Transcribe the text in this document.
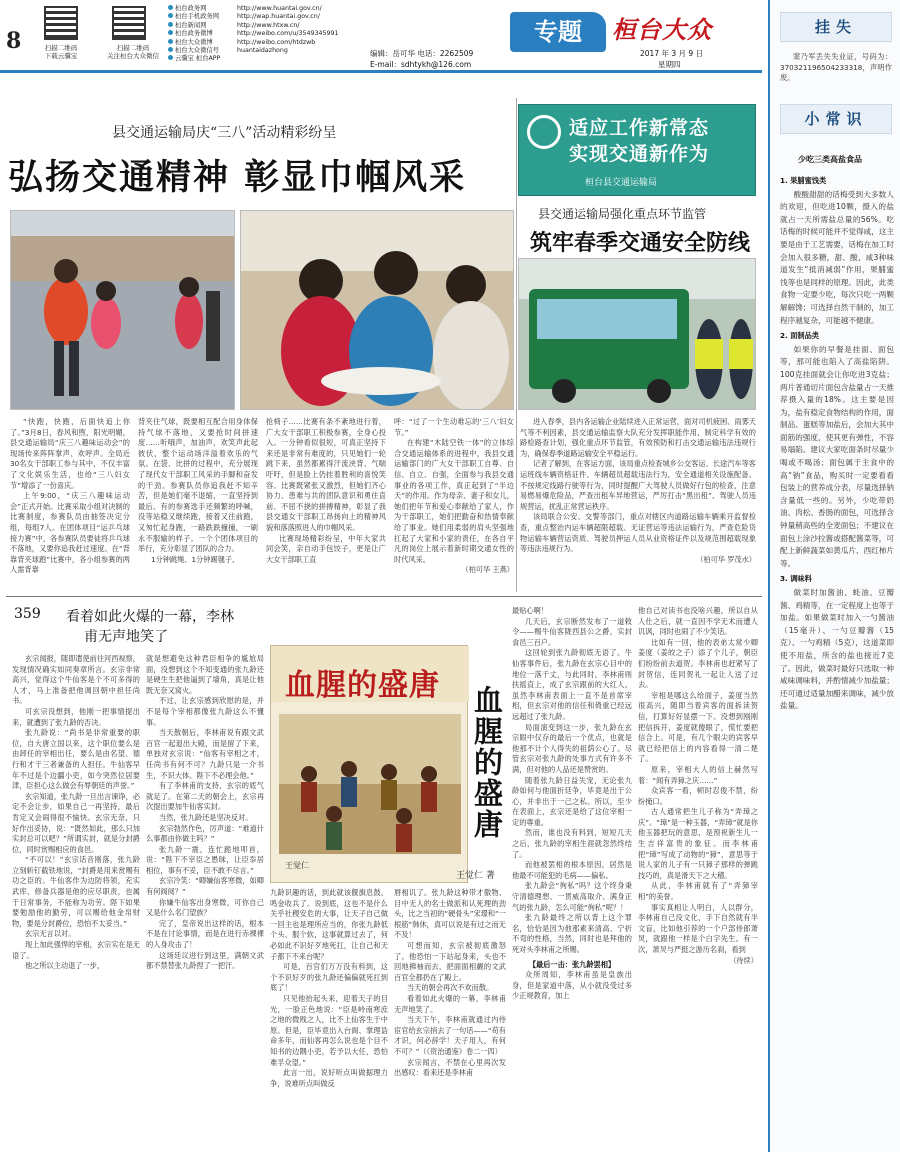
8	扫描二维码
下载云骥宝
扫描二维码
关注桓台大众微信
桓台政务网	http://www.huantai.gov.cn/
桓台手机政务网	http://wap.huantai.gov.cn/
桓台新闻网	http://www.htxw.cn/
桓台政务微博	http://weibo.com/u/3549345991
桓台大众微博	http://weibo.com/htdzwb
桓台大众微信号	huantaidazhong
云骥宝 桓台APP
编辑：岳可华 电话：2262509
E-mail：sdhtykh@126.com
专题	桓台大众
2017 年 3 月 9 日
星期四
县交通运输局庆“三八”活动精彩纷呈
弘扬交通精神 彰显巾帼风采
适应工作新常态
实现交通新作为
桓台县交通运输局
县交通运输局强化重点环节监管
筑牢春季交通安全防线

“快跑，快跑，后面快追上你了。”3月8日，春风和煦，阳光明媚，县交通运输局“庆三八趣味运动会”的现场传来阵阵掌声、欢呼声。全局近30名女干部职工参与其中，不仅丰富了文化娱乐生活，也给“三八妇女节”增添了一份喜庆。

上午9:00，“庆三八趣味运动会”正式开始。比赛采取小组对决制的比赛制度，参赛队员由抽签决定分组，每组7人。在团体项目“运乒乓球接力赛”中，各参赛队员要徒将乒乓球不落地，又要你追我赶过速度。在“背靠背夹球跑”比赛中，各小组参赛的两人需背靠

背夹住气球，既要相互配合用身体保持气球不落地，又要抢时间拼速度……听哦声，加油声，欢笑声此起彼伏，整个运动场洋溢着欢乐的气氛。在袋、比拼的过程中，充分展现了现代女干部职工风采的手脚和奋发的干劲。参赛队员你追我赶不知辛苦，但是她们毫不退缩，一直坚持到最后。有的参赛选手还频繁的呼喊，没等站稳又继续跑，接着又往前跑，又匆忙起身跑，一路跌跌撞撞，一刷永不服输的样子。一个个团体项目的举行，充分彰显了团队的合力。

1分钟跳绳、1分钟踢毽子、

抢椅子……比赛有条不紊地进行着，广大女干部职工积极参赛，全身心投入。一分钟看似很短，可真正坚持下来还是非常有难度的，只见她们一轮跳下来，虽然都累得汗流浃背、气喘吁吁，但是脸上仍挂着胜利的喜悦笑容。比赛既紧张又激烈，但她们齐心协力、患难与共的团队意识和勇往直前、不屈不挠的拼搏精神，彰显了我县交通女干部职工昂扬向上的精神风貌和落落照进人的巾帼风采。

比赛现场精彩纷呈，中年大家共同会笑，亲自动手包饺子，更是让广大女干部职工直

呼：“过了一个生动难忘的‘三八’妇女节。”

在构建“木陆空铁一体”的立体综合交通运输体系的进程中，我县交通运输部门的广大女干部职工自尊、自信、自立、自强，全面参与我县交通事业的各项工作，真正起到了“半边天”的作用。作为母亲、妻子和女儿，她们把年节和爱心奉献给了家人，作为干部职工，她们把勤奋和热情奉献给了事业。她们用柔弱的肩头坚强地扛起了大家和小家的责任，在各自平凡的岗位上展示着新时期交通女性的时代风采。

（柏可华 王燕）

进入春季，县内各运输企业陆续进入正常运营，面对司机疲困、雨雾天气等不利因素，县交通运输监察大队充分发挥职能作用，制定科学有效的路检路查计划，强化重点环节监管，有效预防和打击交通运输违法违规行为，确保春季道路运输安全平稳运行。

记者了解到，在客运方面，该局重点检查城乡公交客运、长途汽车等客运班线车辆资格证件、车辆超员超载违法行为，安全通道相关设施配备、不按规定线路行驶等行为，同时提醒广大驾驶人员做好行包的检查，注意易燃易爆危险品，严查出租车异地营运，严厉打击“黑出租”、驾驶人员违规营运，扰乱正常营运秩序。

该局联合公安、交警等部门，重点对辖区内道路运输车辆乘开监督检查，重点整治内运车辆超限超载、无证营运等违法运输行为，严查危险货物运输车辆营运资质、驾驶员押运人员从业资格证件以及规范围超载现象等违法违规行为。

（柏可华 罗茂水）

359 看着如此火爆的一幕，李林
甫无声地笑了
血腥的盛唐
王觉仁
血腥的盛唐
王觉仁 著

玄宗闻报，随即遣使前往河西视察，发现情况确实如同奏章所言。玄宗非常高兴，觉得这个牛仙客是个不可多得的人才，马上准备把他调回朝中担任尚书。

可玄宗没想到，他刚一把事情提出来，就遭到了张九龄的否决。

张九龄说：“尚书是非常重要的职位，自大唐立国以来，这个职位要么是由卸任的宰相出任，要么是由名望、德行和才干三者兼备的人担任。牛仙客早年不过是个边疆小吏，如今突然位居要津，臣担心这么做会有辱朝廷的声誉。”

玄宗知道，张九龄一旦出言谏诤，必定不会让步，如果自己一再坚持，最后肯定又会闹得很不愉快。玄宗无奈，只好作出妥协，说：“既然如此，那么只加实封总可以吧？”所谓实封，就是分封爵位，同时赏赐相应的食邑。

“不可以！”玄宗话音刚落，张九龄立刻斩钉截铁地说，“封爵是用来赏赐有功之臣的。牛仙客作为边防将领，充实武库、修备兵器是他的应尽职责，也属于日常事务，不能称为功劳。陛下如果要勉励他的勤劳，可以赐给他金帛财物，要是分封爵位，恐怕不太妥当。”

玄宗无言以对。

现上加此强悍的宰相，玄宗实在是无语了。

他之所以主动退了一步，

就是想避免这种君臣相争的尴尬局面，没想到这个不知变通的张九龄还是硬生生把他逼到了墙角，真是让他既无奈又窝火。

不过，让玄宗感到欣慰的是，并不是每个宰相都像张九龄这么不懂事。

当天散朝后，李林甫说有跟文武百官一起退出大殿，而是留了下来，单独对玄宗说：“仙客有宰相之才，任尚书有何不可？九龄只是一介书生，不识大体。陛下不必理会他。”

有了李林甫的支持，玄宗的底气就足了。在第二天的朝会上，玄宗再次提出要加牛仙客实封。

当然，张九龄还是坚决反对。

玄宗勃然作色，厉声道：“难道什么事都由你做主吗？”

张九龄一震，连忙跪地叩首，说：“陛下不宰臣之愚昧，让臣忝居相位，事有不妥，臣不敢不尽言。”

玄宗冷笑：“卿嫌仙客寒微，如卿有何阀阅？”

你嫌牛仙客出身寒微，可你自己又是什么名门望族？

完了，皇帝说出这样的话，根本不是在讨论事情，而是在进行赤裸裸的人身攻击了！

这场廷议进行到这里，满朝文武都不禁替张九龄捏了一把汗。

九龄识趣的话，到此就该偃旗息鼓、鸣金收兵了。说到底，这也不是什么关乎社稷安危的大事，让天子自己做一回主也是理所应当的，你张九龄低个头、服个软，这事就算过去了，何必如此不识好歹地死扛，让自己和天子都下不来台呢？

可是，百官们万万没有料到，这个不识好歹的张九龄还偏偏就死扛到底了！

只见他抬起头来，迎着天子的目光，一脸正色地说：“臣是岭南寒庶之地的微贱之人，比不上仙客生于中原。但是，臣毕竟出入台阁、掌理诰命多年，而仙客再怎么说也是个目不知书的边隅小吏，若予以大任，恐怕难孚众望。”

此言一出，说好听点叫做据理力争，说难听点叫做反

唇相讥了。张九龄这种带才傲物、目中无人的名士做派和认死理的劲头，比之当初的“硬骨头”宋璟和“一根筋”韩休，真可以说是有过之而无不及！

可想而知，玄宗被彻底激怒了。他恐怕一下站起身来，头也不回地拂袖而去，把面面相觑的文武百官全都扔在了殿上。

当天的朝会再次不欢而散。

看着如此火爆的一幕，李林甫无声地笑了。

当天下午，李林甫就通过内侍宦官给玄宗捎去了一句话——“苟有才识，何必辞学！天子用人，有何不可？”（《资治通鉴》卷二一四）

玄宗闻言，不禁在心里再次发出感叹：看来还是李林甫

最贴心啊！

几天后，玄宗断然发布了一道敕令——赐牛仙客陇西县公之爵，实封食邑三百户。

这回轮到张九龄彻底无语了。牛仙客事件后，张九龄在玄宗心目中的地位一落千丈，与此同时，李林甫则扶摇直上，成了玄宗跟前的大红人。虽然李林甫表面上一直不是首席宰相，但玄宗对他的信任和倚重已经远远超过了张九龄。

局面演变到这一步，张九龄在玄宗眼中仅存的最后一个优点，也就是他那不计个人得失的祖荫公心了。尽管玄宗对张九龄的处事方式有许多不满，但对他的人品还是赞赏的。

随着张九龄日益失宠，无论张九龄如何与他面折廷争，毕竟是出于公心，并非出于一己之私。所以，至少在表面上，玄宗还是给了这位宰相一定的尊重。

然而，谁也没有料到，短短几天之后，张九龄的宰相生涯就忽然终结了。

而他被罢相的根本原因，居然是他最不可能犯的毛病——偏私。

张九龄会“徇私”吗？这个终身秉守清德理想、一贯威高取介、满身正气的张九龄，怎么可能“徇私”呢？！

张九龄最终之所以背上这个罪名，恰恰是因为他那素来清高、宁折不弯的性格，当然，同时也是拜他的死对头李林甫之所赐。

【最后一击：张九龄罢相】

众所周知，李林甫虽是皇族出身，但是家道中落，从小就没受过多少正规教育，加上

他自己对读书也没啥兴趣，所以自从人仕之后，就一直因不学无术而遭人讥讽，同时也闹了不少笑话。

比如有一回，他的表弟太常少卿姜度（姜皎之子）添了个儿子，朝臣们纷纷前去道贺。李林甫也赶紧写了封贺信，连同贺礼一起让人送了过去。

宰相是哪这么给面子，姜度当然很高兴，随即当着宾客的面拆读贺信，打算好好显摆一下。没想到刚刚把信拆开，姜度就傻眼了，慌忙要把信合上。可是，有几个眼尖的宾客早就已经把信上的内容看得一清二楚了。

原来，宰相大人的信上赫然写着：“闻有弄獐之庆……”

众宾客一看，顿时忍俊不禁，纷纷掩口。

古人通常把生儿子称为“弄璋之庆”。“璋”是一种玉器，“弄璋”就是你他玉器把玩的意思，是预祝新生儿一生吉祥富贵的象征。而李林甫把“璋”写成了动物的“獐”，意思等于说人家的儿子有一只獐子那样的弹跳技巧的，真是滑天下之大稽。

从此，李林甫就有了“弄獐宰相”的美誉。

事实真相让人明白，人以群分，李林甫自己没文化，手下自然就有半文盲，比如他引荐的一个户部侍郎萧炅，就跟他一样是个白字先生。有一次，萧炅与严挺之游历名刹，看到

（待续）

挂失
窦乃军丢失失业证，号码为：370321196504233318，声明作废。
小常识
少吃三类高盐食品
1. 果脯蜜饯类
酸酸甜甜的话梅受到大多数人的欢迎，但吃进10颗，摄入的盐就占一天所需盐总量的56%。吃话梅的时候可能并不觉得咸，这主要是由于工艺需要，话梅在加工时会加入很多糖，甜、酸、咸3种味道发生“抵消减弱”作用，果脯蜜饯等也是同样的原理。因此，此类食物一定要少吃，每次只吃一两颗解解馋；可选择自然干制的，加工程序越复杂，可能越不健康。
2. 面制品类
如果你的早餐是挂面、面包等，那可能也陷入了高盐陷阱。100克挂面就会让你吃进3克盐；两片普通切片面包含盐量占一天推荐摄入量的18%。这主要是因为，盐有稳定食物结构的作用，面制品、蛋糕等加盐后，会加大其中面筋的强度，使其更有弹性，不容易塌陷。建议大家吃面条时尽量少喝或不喝汤；面包属于主食中的高“钠”食品，购买时一定要看看包装上的营养成分表，尽量选择钠含量低一些的。另外，少吃带奶油、肉松、香肠的面包，可选择含钟量稍高些的全麦面包；不建议在面包上涂沙拉酱或搭配酱菜等，可配上新鲜蔬菜如黄瓜片、西红柿片等。
3. 调味料
做菜时加酱油、蚝油、豆瓣酱、鸡精等，在一定程度上也等于加盐。如果做菜时加入一勺酱油（15毫升）、一勺豆瓣酱（15克）、一勺鸡精（5克），这道菜即使不用盐，所含的盐也接近7克了。因此，做菜时最好只选取一种咸味调味料，并酌情减少加盐量；还可通过适量加醋来调味，减少放盐量。
